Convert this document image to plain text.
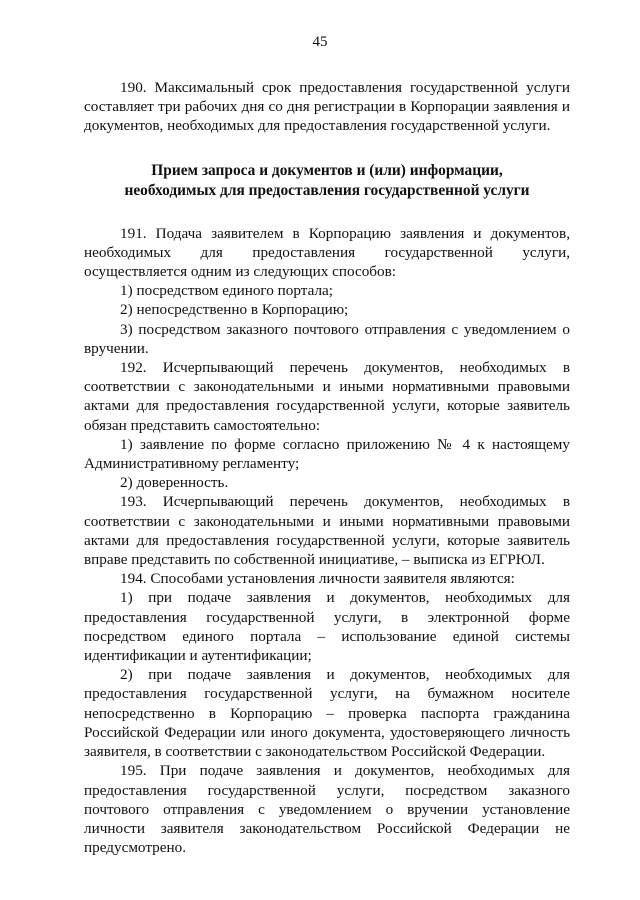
45

190. Максимальный срок предоставления государственной услуги составляет три рабочих дня со дня регистрации в Корпорации заявления и документов, необходимых для предоставления государственной услуги.

Прием запроса и документов и (или) информации,
необходимых для предоставления государственной услуги

191. Подача заявителем в Корпорацию заявления и документов, необходимых для предоставления государственной услуги, осуществляется одним из следующих способов:

1) посредством единого портала;

2) непосредственно в Корпорацию;

3) посредством заказного почтового отправления с уведомлением о вручении.

192. Исчерпывающий перечень документов, необходимых в соответствии с законодательными и иными нормативными правовыми актами для предоставления государственной услуги, которые заявитель обязан представить самостоятельно:

1) заявление по форме согласно приложению № 4 к настоящему Административному регламенту;

2) доверенность.

193. Исчерпывающий перечень документов, необходимых в соответствии с законодательными и иными нормативными правовыми актами для предоставления государственной услуги, которые заявитель вправе представить по собственной инициативе, – выписка из ЕГРЮЛ.

194. Способами установления личности заявителя являются:

1) при подаче заявления и документов, необходимых для предоставления государственной услуги, в электронной форме посредством единого портала – использование единой системы идентификации и аутентификации;

2) при подаче заявления и документов, необходимых для предоставления государственной услуги, на бумажном носителе непосредственно в Корпорацию – проверка паспорта гражданина Российской Федерации или иного документа, удостоверяющего личность заявителя, в соответствии с законодательством Российской Федерации.

195. При подаче заявления и документов, необходимых для предоставления государственной услуги, посредством заказного почтового отправления с уведомлением о вручении установление личности заявителя законодательством Российской Федерации не предусмотрено.
